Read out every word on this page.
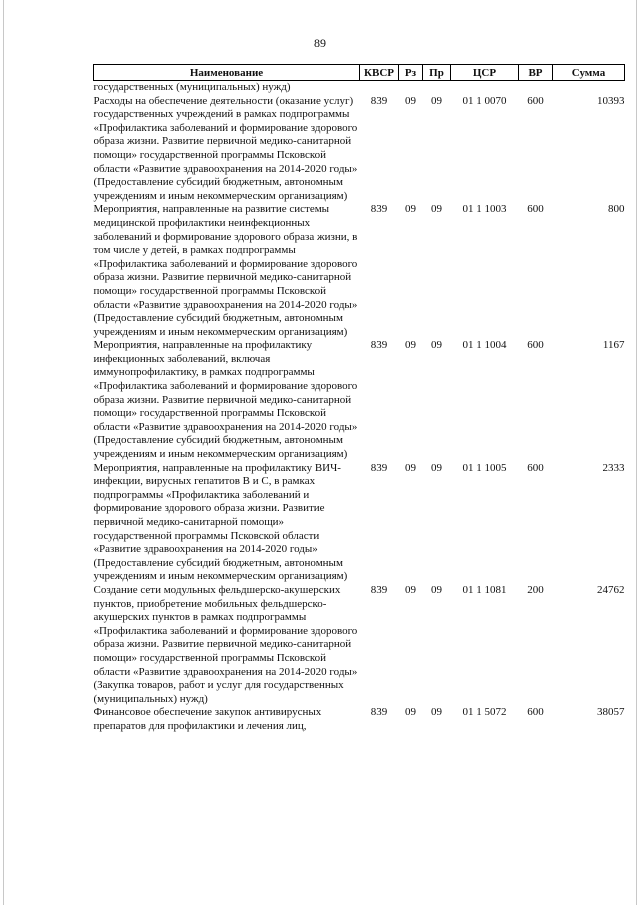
89
Наименование	КВСР	Рз	Пр	ЦСР	ВР	Сумма
государственных (муниципальных) нужд)						
Расходы на обеспечение деятельности (оказание услуг) государственных учреждений в рамках подпрограммы «Профилактика заболеваний и формирование здорового образа жизни. Развитие первичной медико-санитарной помощи» государственной программы Псковской области «Развитие здравоохранения на 2014-2020 годы» (Предоставление субсидий бюджетным, автономным учреждениям и иным некоммерческим организациям)	839	09	09	01 1 0070	600	10393
Мероприятия, направленные на развитие системы медицинской профилактики неинфекционных заболеваний и формирование здорового образа жизни, в том числе у детей, в рамках подпрограммы «Профилактика заболеваний и формирование здорового образа жизни. Развитие первичной медико-санитарной помощи» государственной программы Псковской области «Развитие здравоохранения на 2014-2020 годы» (Предоставление субсидий бюджетным, автономным учреждениям и иным некоммерческим организациям)	839	09	09	01 1 1003	600	800
Мероприятия, направленные на профилактику инфекционных заболеваний, включая иммунопрофилактику, в рамках подпрограммы «Профилактика заболеваний и формирование здорового образа жизни. Развитие первичной медико-санитарной помощи» государственной программы Псковской области «Развитие здравоохранения на 2014-2020 годы» (Предоставление субсидий бюджетным, автономным учреждениям и иным некоммерческим организациям)	839	09	09	01 1 1004	600	1167
Мероприятия, направленные на профилактику ВИЧ-инфекции, вирусных гепатитов В и С, в рамках подпрограммы «Профилактика заболеваний и формирование здорового образа жизни. Развитие первичной медико-санитарной помощи» государственной программы Псковской области «Развитие здравоохранения на 2014-2020 годы» (Предоставление субсидий бюджетным, автономным учреждениям и иным некоммерческим организациям)	839	09	09	01 1 1005	600	2333
Создание сети модульных фельдшерско-акушерских пунктов, приобретение мобильных фельдшерско-акушерских пунктов в рамках подпрограммы «Профилактика заболеваний и формирование здорового образа жизни. Развитие первичной медико-санитарной помощи» государственной программы Псковской области «Развитие здравоохранения на 2014-2020 годы» (Закупка товаров, работ и услуг для государственных (муниципальных) нужд)	839	09	09	01 1 1081	200	24762
Финансовое обеспечение закупок антивирусных препаратов для профилактики и лечения лиц,	839	09	09	01 1 5072	600	38057
